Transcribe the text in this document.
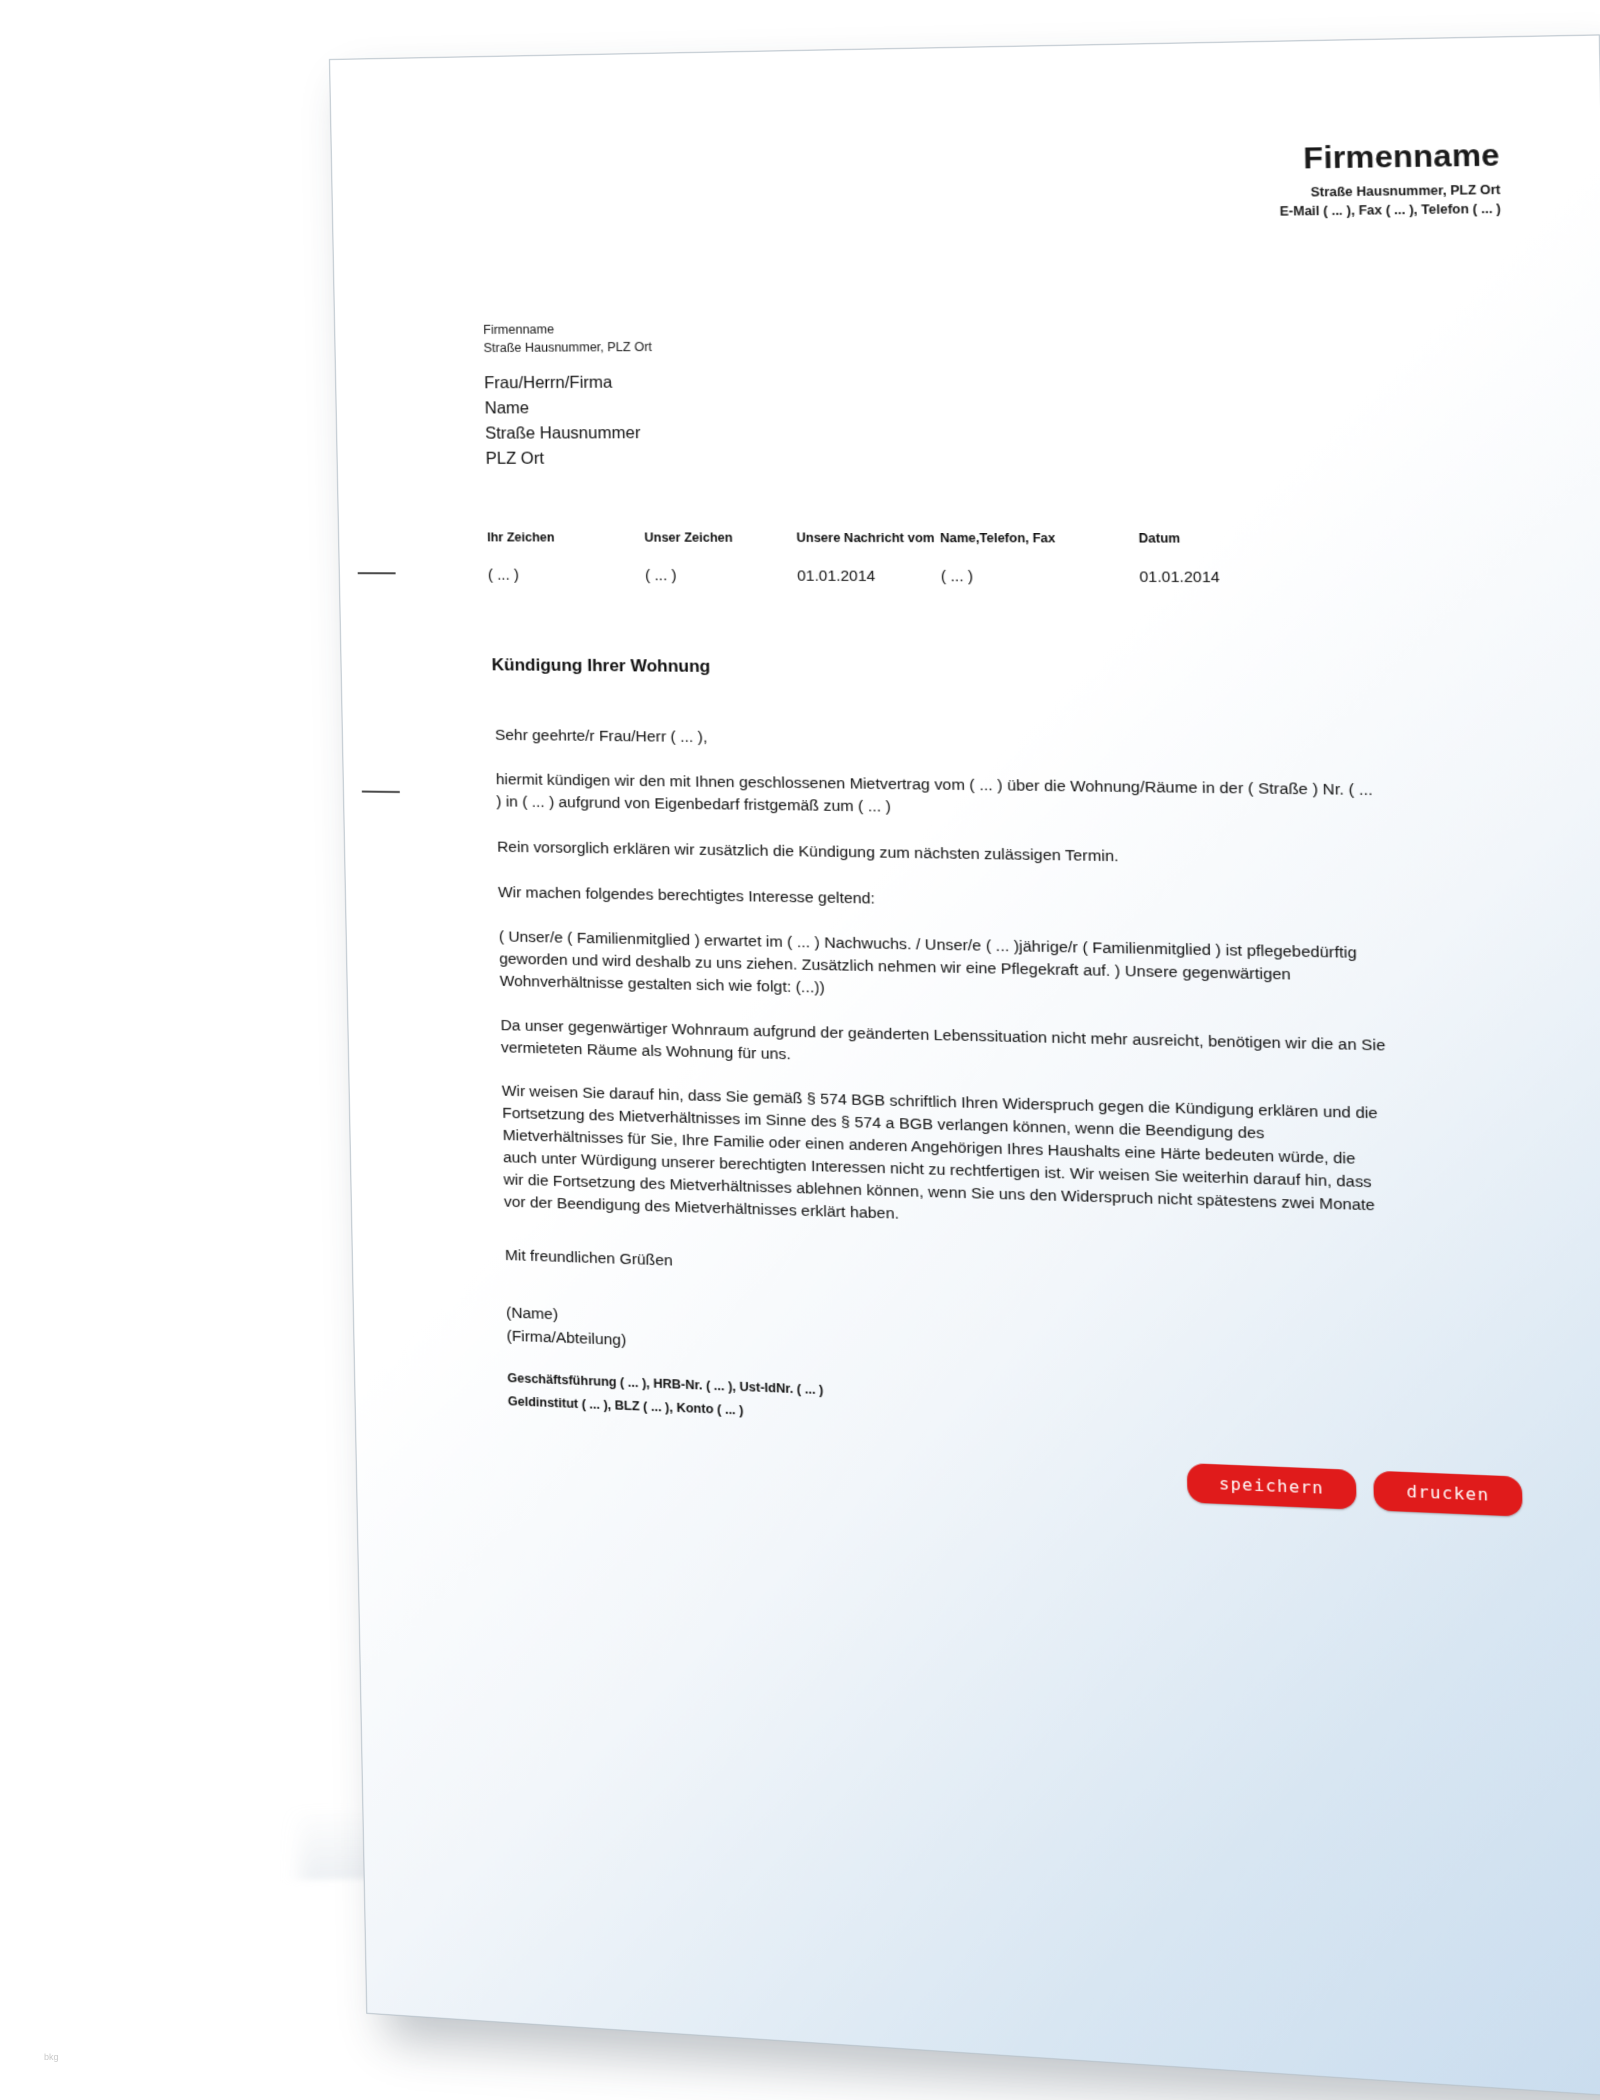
Firmenname
Straße Hausnummer, PLZ Ort
E-Mail ( ... ), Fax ( ... ), Telefon ( ... )
Firmenname
Straße Hausnummer, PLZ Ort
Frau/Herrn/Firma
Name
Straße Hausnummer
PLZ Ort
Ihr Zeichen
( ... )
Unser Zeichen
( ... )
Unsere Nachricht vom
01.01.2014
Name,Telefon, Fax
( ... )
Datum
01.01.2014
Kündigung Ihrer Wohnung

Sehr geehrte/r Frau/Herr ( ... ),

hiermit kündigen wir den mit Ihnen geschlossenen Mietvertrag vom ( ... ) über die Wohnung/Räume in der ( Straße ) Nr. ( ... ) in ( ... ) aufgrund von Eigenbedarf fristgemäß zum ( ... )

Rein vorsorglich erklären wir zusätzlich die Kündigung zum nächsten zulässigen Termin.

Wir machen folgendes berechtigtes Interesse geltend:

( Unser/e ( Familienmitglied ) erwartet im ( ... ) Nachwuchs. / Unser/e ( ... )jährige/r ( Familienmitglied ) ist pflegebedürftig geworden und wird deshalb zu uns ziehen. Zusätzlich nehmen wir eine Pflegekraft auf. ) Unsere gegenwärtigen Wohnverhältnisse gestalten sich wie folgt: (...))

Da unser gegenwärtiger Wohnraum aufgrund der geänderten Lebenssituation nicht mehr ausreicht, benötigen wir die an Sie vermieteten Räume als Wohnung für uns.

Wir weisen Sie darauf hin, dass Sie gemäß § 574 BGB schriftlich Ihren Widerspruch gegen die Kündigung erklären und die Fortsetzung des Mietverhältnisses im Sinne des § 574 a BGB verlangen können, wenn die Beendigung des Mietverhältnisses für Sie, Ihre Familie oder einen anderen Angehörigen Ihres Haushalts eine Härte bedeuten würde, die auch unter Würdigung unserer berechtigten Interessen nicht zu rechtfertigen ist. Wir weisen Sie weiterhin darauf hin, dass wir die Fortsetzung des Mietverhältnisses ablehnen können, wenn Sie uns den Widerspruch nicht spätestens zwei Monate vor der Beendigung des Mietverhältnisses erklärt haben.

Mit freundlichen Grüßen

(Name)
(Firma/Abteilung)
Geschäftsführung ( ... ), HRB-Nr. ( ... ), Ust-IdNr. ( ... )
Geldinstitut ( ... ), BLZ ( ... ), Konto ( ... )
speichern	drucken
bkg
